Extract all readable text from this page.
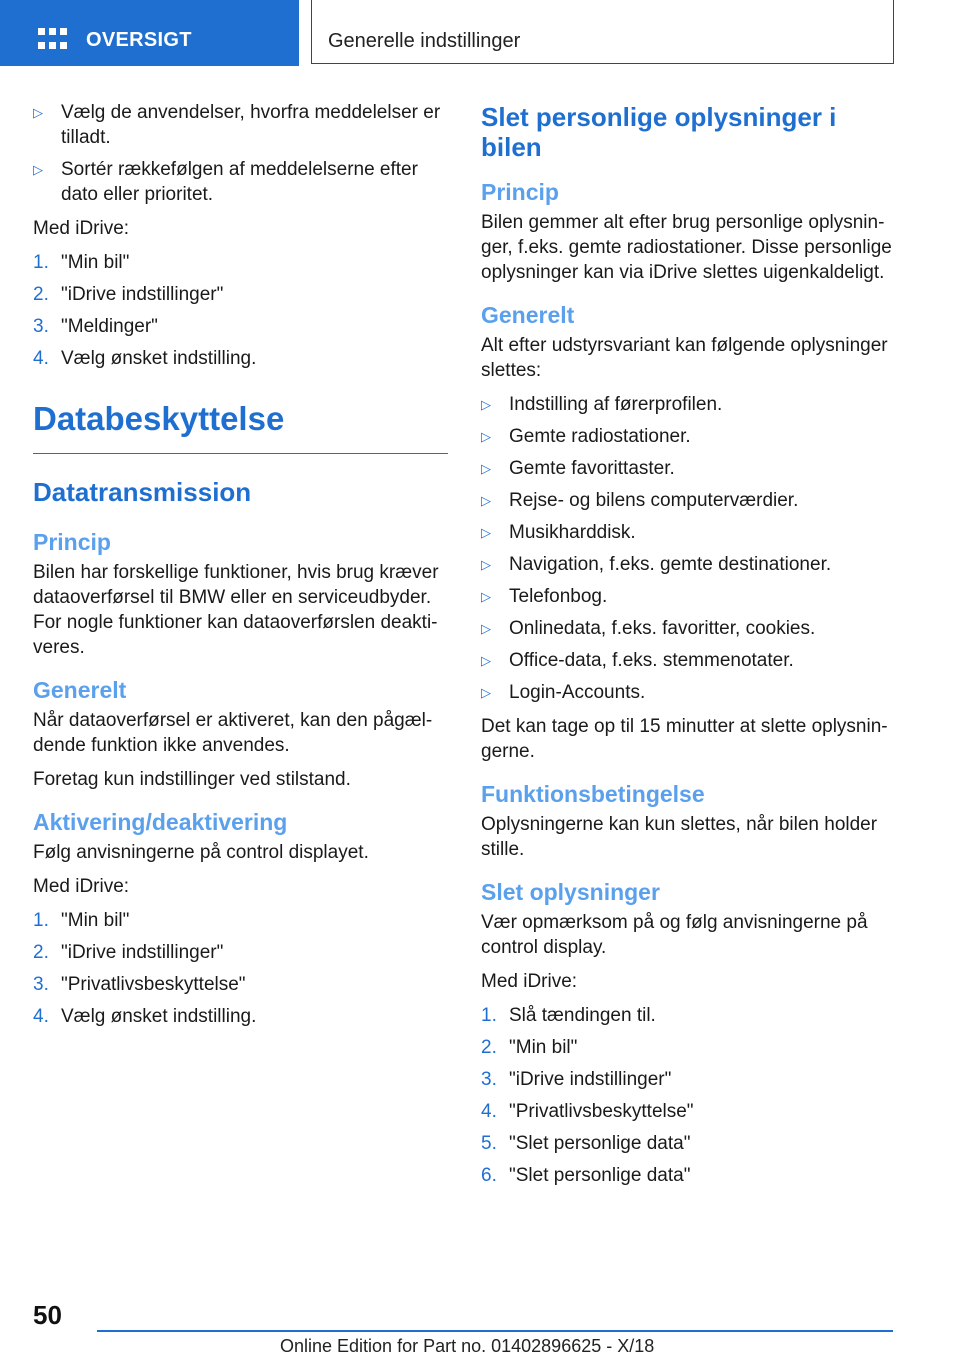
OVERSIGT	Generelle indstillinger
▷ Vælg de anvendelser, hvorfra meddelelser er tilladt.
▷ Sortér rækkefølgen af meddelelserne efter dato eller prioritet.

Med iDrive:

1. "Min bil"
2. "iDrive indstillinger"
3. "Meldinger"
4. Vælg ønsket indstilling.
Databeskyttelse
Datatransmission
Princip

Bilen har forskellige funktioner, hvis brug kræver dataoverførsel til BMW eller en serviceudbyder. For nogle funktioner kan dataoverførslen deaktiveres.

Generelt

Når dataoverførsel er aktiveret, kan den pågældende funktion ikke anvendes.

Foretag kun indstillinger ved stilstand.

Aktivering/deaktivering

Følg anvisningerne på control displayet.

Med iDrive:

1. "Min bil"
2. "iDrive indstillinger"
3. "Privatlivsbeskyttelse"
4. Vælg ønsket indstilling.
Slet personlige oplysninger i bilen
Princip

Bilen gemmer alt efter brug personlige oplysninger, f.eks. gemte radiostationer. Disse personlige oplysninger kan via iDrive slettes uigenkaldeligt.

Generelt

Alt efter udstyrsvariant kan følgende oplysninger slettes:

▷ Indstilling af førerprofilen.
▷ Gemte radiostationer.
▷ Gemte favorittaster.
▷ Rejse- og bilens computerværdier.
▷ Musikharddisk.
▷ Navigation, f.eks. gemte destinationer.
▷ Telefonbog.
▷ Onlinedata, f.eks. favoritter, cookies.
▷ Office-data, f.eks. stemmenotater.
▷ Login-Accounts.

Det kan tage op til 15 minutter at slette oplysningerne.

Funktionsbetingelse

Oplysningerne kan kun slettes, når bilen holder stille.

Slet oplysninger

Vær opmærksom på og følg anvisningerne på control display.

Med iDrive:

1. Slå tændingen til.
2. "Min bil"
3. "iDrive indstillinger"
4. "Privatlivsbeskyttelse"
5. "Slet personlige data"
6. "Slet personlige data"
50
Online Edition for Part no. 01402896625 - X/18
